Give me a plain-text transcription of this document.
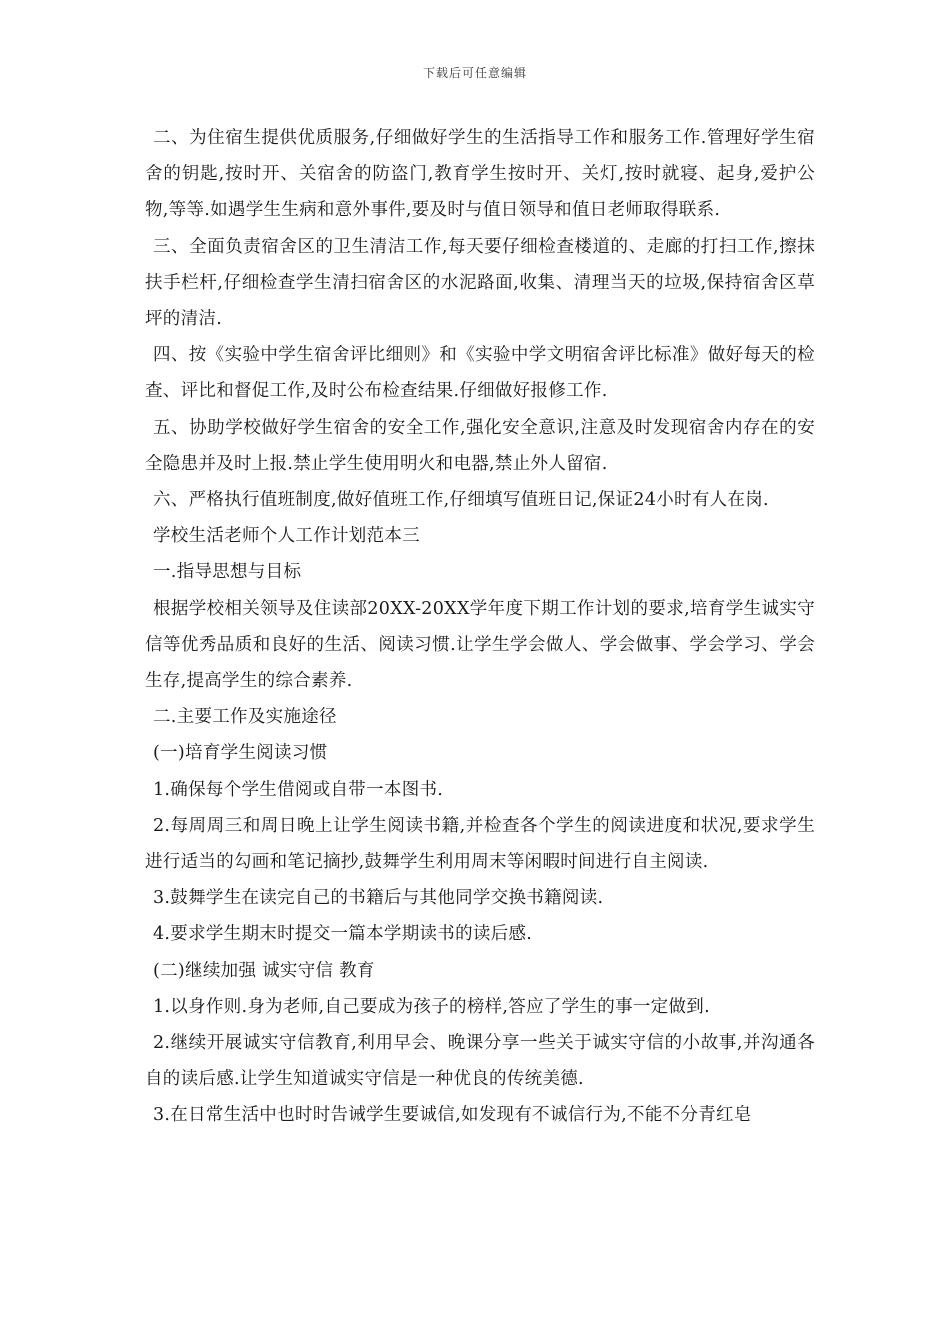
下载后可任意编辑

二、为住宿生提供优质服务,仔细做好学生的生活指导工作和服务工作.管理好学生宿舍的钥匙,按时开、关宿舍的防盗门,教育学生按时开、关灯,按时就寝、起身,爱护公物,等等.如遇学生生病和意外事件,要及时与值日领导和值日老师取得联系.

三、全面负责宿舍区的卫生清洁工作,每天要仔细检查楼道的、走廊的打扫工作,擦抹扶手栏杆,仔细检查学生清扫宿舍区的水泥路面,收集、清理当天的垃圾,保持宿舍区草坪的清洁.

四、按《实验中学生宿舍评比细则》和《实验中学文明宿舍评比标准》做好每天的检查、评比和督促工作,及时公布检查结果.仔细做好报修工作.

五、协助学校做好学生宿舍的安全工作,强化安全意识,注意及时发现宿舍内存在的安全隐患并及时上报.禁止学生使用明火和电器,禁止外人留宿.

六、严格执行值班制度,做好值班工作,仔细填写值班日记,保证24小时有人在岗.

学校生活老师个人工作计划范本三

一.指导思想与目标

根据学校相关领导及住读部20XX-20XX学年度下期工作计划的要求,培育学生诚实守信等优秀品质和良好的生活、阅读习惯.让学生学会做人、学会做事、学会学习、学会生存,提高学生的综合素养.

二.主要工作及实施途径

(一)培育学生阅读习惯

1.确保每个学生借阅或自带一本图书.

2.每周周三和周日晚上让学生阅读书籍,并检查各个学生的阅读进度和状况,要求学生进行适当的勾画和笔记摘抄,鼓舞学生利用周末等闲暇时间进行自主阅读.

3.鼓舞学生在读完自己的书籍后与其他同学交换书籍阅读.

4.要求学生期末时提交一篇本学期读书的读后感.

(二)继续加强 诚实守信 教育

1.以身作则.身为老师,自己要成为孩子的榜样,答应了学生的事一定做到.

2.继续开展诚实守信教育,利用早会、晚课分享一些关于诚实守信的小故事,并沟通各自的读后感.让学生知道诚实守信是一种优良的传统美德.

3.在日常生活中也时时告诫学生要诚信,如发现有不诚信行为,不能不分青红皂
